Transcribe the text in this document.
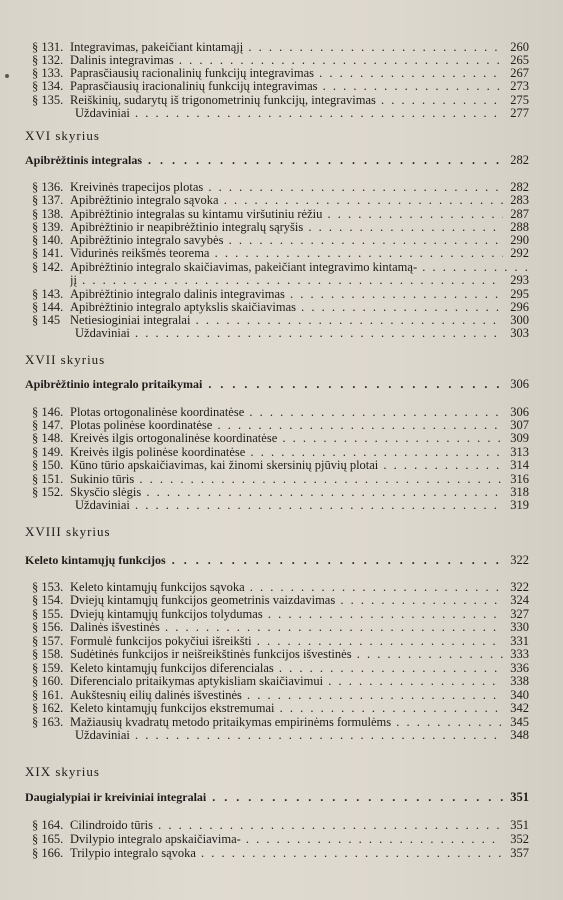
§ 131. Integravimas, pakeičiant kintamąjį . . .	260
§ 132. Dalinis integravimas . . .	265
§ 133. Paprasčiausių racionalinių funkcijų integravimas . . .	267
§ 134. Paprasčiausių iracionalinių funkcijų integravimas . . .	273
§ 135. Reiškinių, sudarytų iš trigonometrinių funkcijų, integravimas . . .	275
Uždaviniai . . .	277
XVI skyrius
Apibrėžtinis integralas . . .	282
§ 136. Kreivinės trapecijos plotas . . .	282
§ 137. Apibrėžtinio integralo sąvoka . . .	283
§ 138. Apibrėžtinio integralas su kintamu viršutiniu rėžiu . . .	287
§ 139. Apibrėžtinio ir neapibrėžtinio integralų sąryšis . . .	288
§ 140. Apibrėžtinio integralo savybės . . .	290
§ 141. Vidurinės reikšmės teorema . . .	292
§ 142. Apibrėžtinio integralo skaičiavimas, pakeičiant integravimo kintamą- . . .
jį . . .	293
§ 143. Apibrėžtinio integralo dalinis integravimas . . .	295
§ 144. Apibrėžtinio integralo aptykslis skaičiavimas . . .	296
§ 145 Netiesioginiai integralai . . .	300
Uždaviniai . . .	303
XVII skyrius
Apibrėžtinio integralo pritaikymai . . .	306
§ 146. Plotas ortogonalinėse koordinatėse . . .	306
§ 147. Plotas polinėse koordinatėse . . .	307
§ 148. Kreivės ilgis ortogonalinėse koordinatėse . . .	309
§ 149. Kreivės ilgis polinėse koordinatėse . . .	313
§ 150. Kūno tūrio apskaičiavimas, kai žinomi skersinių pjūvių plotai . . .	314
§ 151. Sukinio tūris . . .	316
§ 152. Skysčio slėgis . . .	318
Uždaviniai . . .	319
XVIII skyrius
Keleto kintamųjų funkcijos . . .	322
§ 153. Keleto kintamųjų funkcijos sąvoka . . .	322
§ 154. Dviejų kintamųjų funkcijos geometrinis vaizdavimas . . .	324
§ 155. Dviejų kintamųjų funkcijos tolydumas . . .	327
§ 156. Dalinės išvestinės . . .	330
§ 157. Formulė funkcijos pokyčiui išreikšti . . .	331
§ 158. Sudėtinės funkcijos ir neišreikštinės funkcijos išvestinės . . .	333
§ 159. Keleto kintamųjų funkcijos diferencialas . . .	336
§ 160. Diferencialo pritaikymas aptykisliam skaičiavimui . . .	338
§ 161. Aukštesnių eilių dalinės išvestinės . . .	340
§ 162. Keleto kintamųjų funkcijos ekstremumai . . .	342
§ 163. Mažiausių kvadratų metodo pritaikymas empirinėms formulėms . . .	345
Uždaviniai . . .	348
XIX skyrius
Daugialypiai ir kreiviniai integralai . . .	351
§ 164. Cilindroido tūris . . .	351
§ 165. Dvilypio integralo apskaičiavima- . . .	352
§ 166. Trilypio integralo sąvoka . . .	357
